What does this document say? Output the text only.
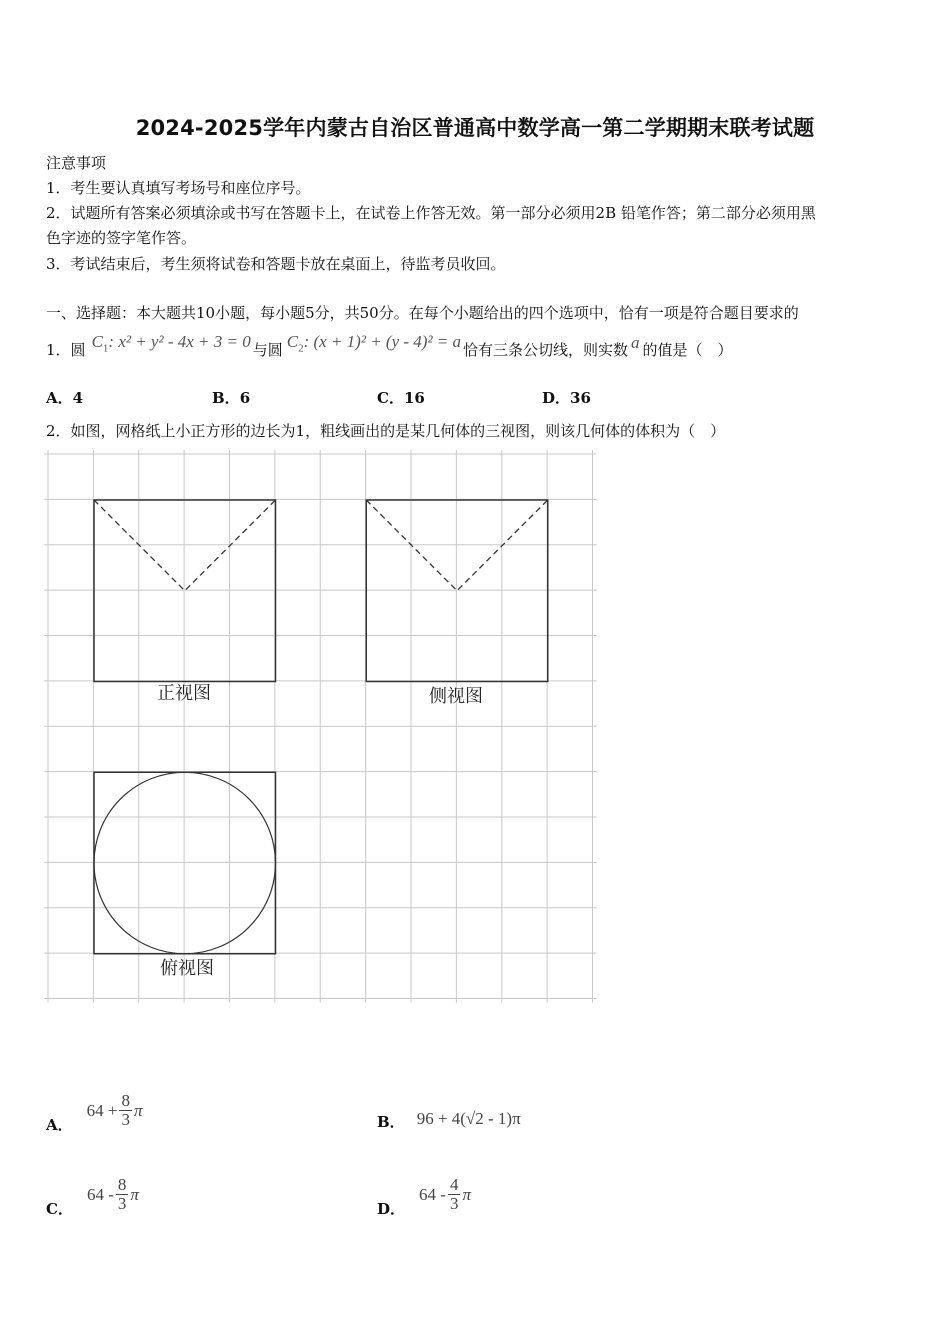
2024-2025学年内蒙古自治区普通高中数学高一第二学期期末联考试题
注意事项
1．考生要认真填写考场号和座位序号。
2．试题所有答案必须填涂或书写在答题卡上，在试卷上作答无效。第一部分必须用2B 铅笔作答；第二部分必须用黑
色字迹的签字笔作答。
3．考试结束后，考生须将试卷和答题卡放在桌面上，待监考员收回。
一、选择题：本大题共10小题，每小题5分，共50分。在每个小题给出的四个选项中，恰有一项是符合题目要求的
1． 圆 $C_1$: x² + y² - 4x + 3 = 0 与圆 $C_2$: (x + 1)² + (y - 4)² = a 恰有三条公切线，则实数 a 的值是（　）
A．4	B．6	C．16	D．36
2．如图，网格纸上小正方形的边长为1，粗线画出的是某几何体的三视图，则该几何体的体积为（　）
正视图	侧视图
俯视图
A．
$64 + \frac{8}{3}$ π
B． 96 + 4(√2 - 1)π
C．
$64 - \frac{8}{3}$ π
D．
$64 - \frac{4}{3}$ π
